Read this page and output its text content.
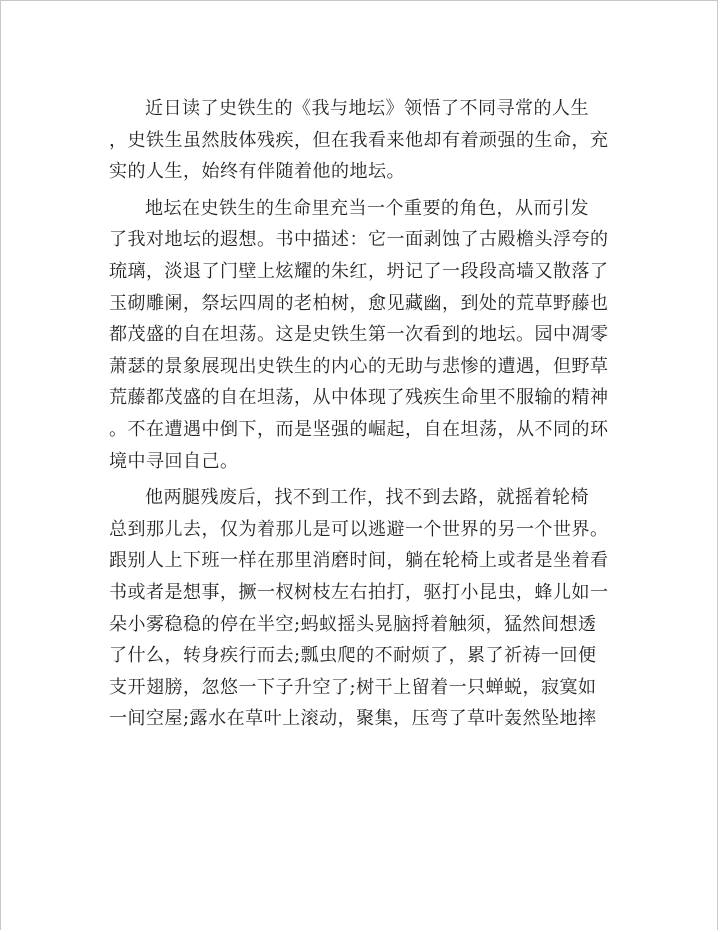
近日读了史铁生的《我与地坛》领悟了不同寻常的人生
，史铁生虽然肢体残疾，但在我看来他却有着顽强的生命，充
实的人生，始终有伴随着他的地坛。
地坛在史铁生的生命里充当一个重要的角色，从而引发
了我对地坛的遐想。书中描述：它一面剥蚀了古殿檐头浮夸的
琉璃，淡退了门壁上炫耀的朱红，坍记了一段段高墙又散落了
玉砌雕阑，祭坛四周的老柏树，愈见藏幽，到处的荒草野藤也
都茂盛的自在坦荡。这是史铁生第一次看到的地坛。园中凋零
萧瑟的景象展现出史铁生的内心的无助与悲惨的遭遇，但野草
荒藤都茂盛的自在坦荡，从中体现了残疾生命里不服输的精神
。不在遭遇中倒下，而是坚强的崛起，自在坦荡，从不同的环
境中寻回自己。
他两腿残废后，找不到工作，找不到去路，就摇着轮椅
总到那儿去，仅为着那儿是可以逃避一个世界的另一个世界。
跟别人上下班一样在那里消磨时间，躺在轮椅上或者是坐着看
书或者是想事，撅一杈树枝左右拍打，驱打小昆虫，蜂儿如一
朵小雾稳稳的停在半空;蚂蚁摇头晃脑捋着触须，猛然间想透
了什么，转身疾行而去;瓢虫爬的不耐烦了，累了祈祷一回便
支开翅膀，忽悠一下子升空了;树干上留着一只蝉蜕，寂寞如
一间空屋;露水在草叶上滚动，聚集，压弯了草叶轰然坠地摔
